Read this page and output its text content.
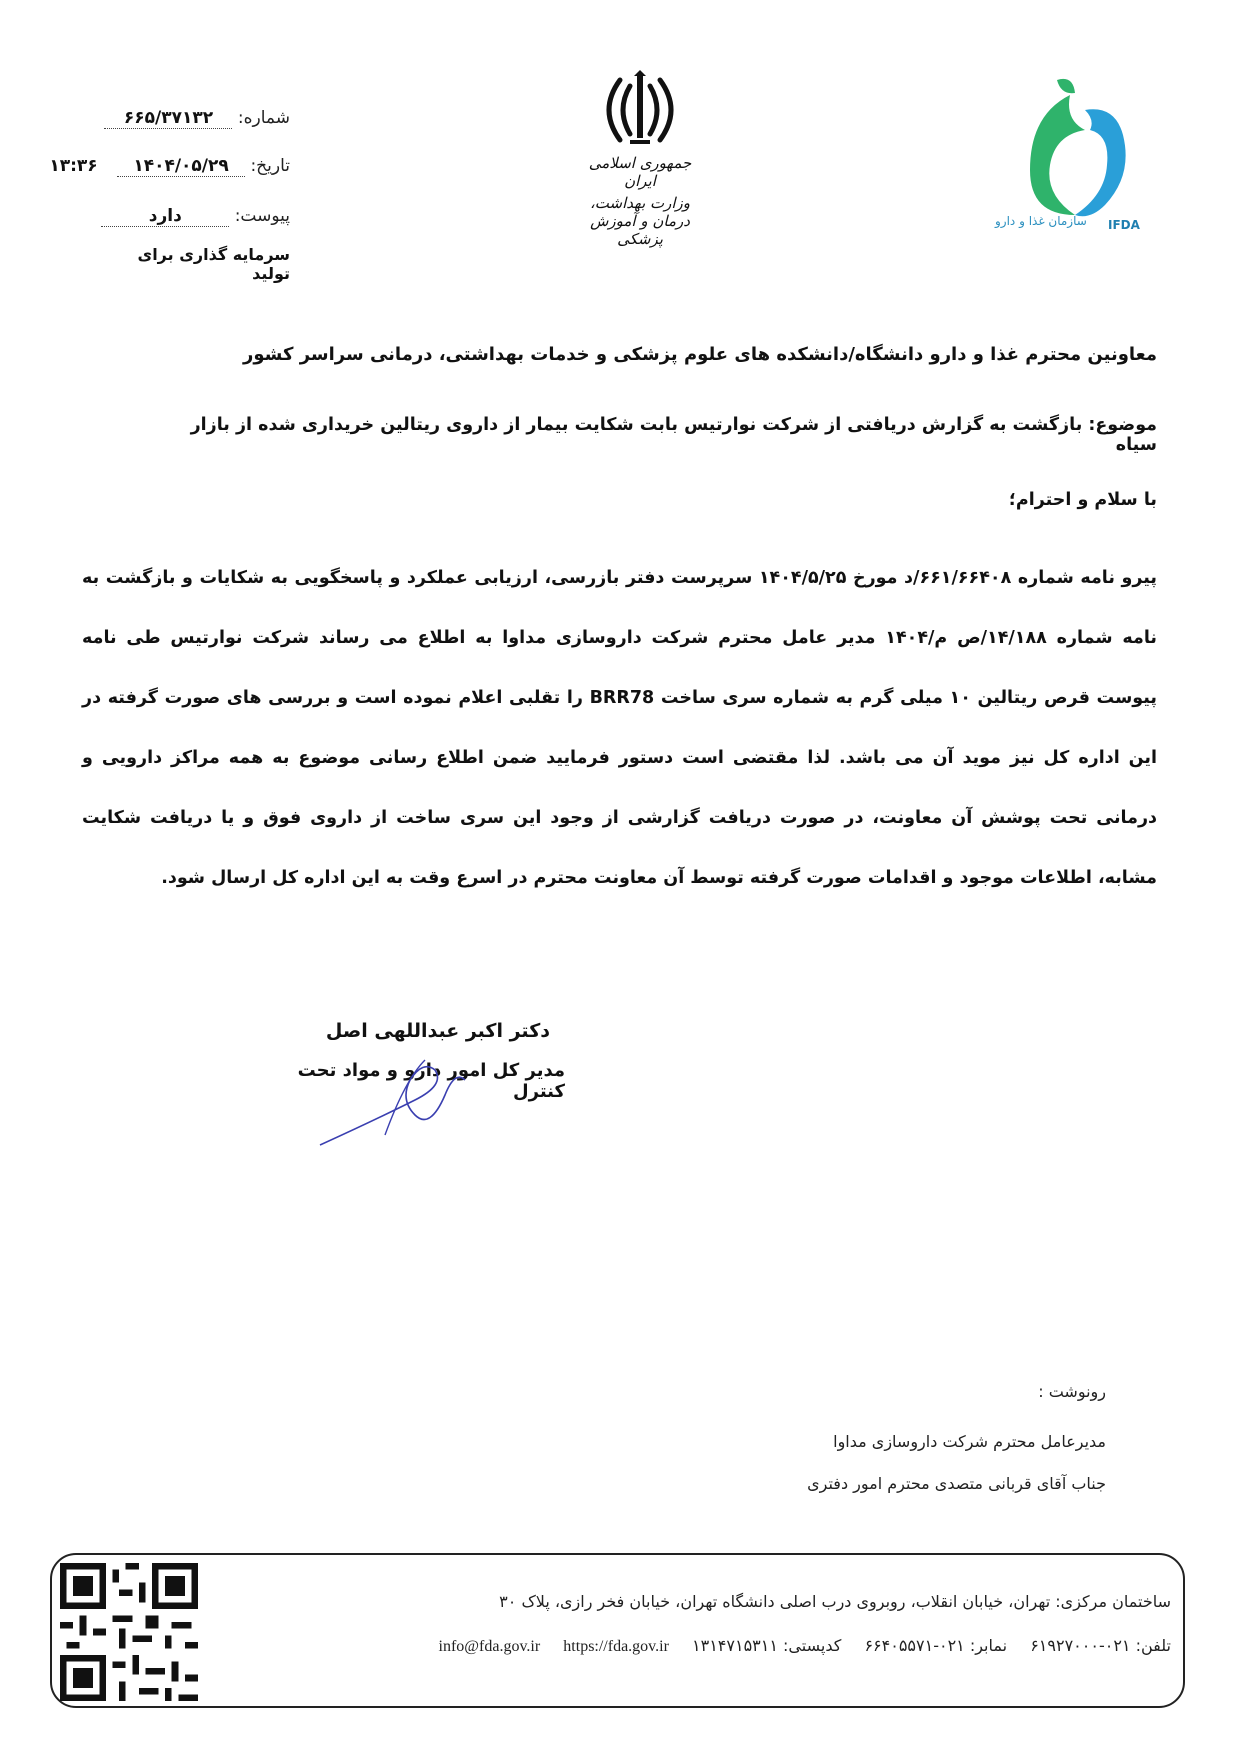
شماره: ۶۶۵/۳۷۱۳۲
تاریخ: ۱۴۰۴/۰۵/۲۹ ۱۳:۳۶
پیوست: دارد
سرمایه گذاری برای تولید
جمهوری اسلامی ایران
وزارت بهداشت، درمان و آموزش پزشکی
سازمان غذا و دارو IFDA
معاونین محترم غذا و دارو دانشگاه/دانشکده های علوم پزشکی و خدمات بهداشتی، درمانی سراسر کشور
موضوع: بازگشت به گزارش دریافتی از شرکت نوارتیس بابت شکایت بیمار از داروی ریتالین خریداری شده از بازار سیاه
با سلام و احترام؛
پیرو نامه شماره ۶۶۱/۶۶۴۰۸/د مورخ ۱۴۰۴/۵/۲۵ سرپرست دفتر بازرسی، ارزیابی عملکرد و پاسخگویی به شکایات و بازگشت به نامه شماره ۱۴/۱۸۸/ص م/۱۴۰۴ مدیر عامل محترم شرکت داروسازی مداوا به اطلاع می رساند شرکت نوارتیس طی نامه پیوست قرص ریتالین ۱۰ میلی گرم به شماره سری ساخت BRR78 را تقلبی اعلام نموده است و بررسی های صورت گرفته در این اداره کل نیز موید آن می باشد. لذا مقتضی است دستور فرمایید ضمن اطلاع رسانی موضوع به همه مراکز دارویی و درمانی تحت پوشش آن معاونت، در صورت دریافت گزارشی از وجود این سری ساخت از داروی فوق و یا دریافت شکایت مشابه، اطلاعات موجود و اقدامات صورت گرفته توسط آن معاونت محترم در اسرع وقت به این اداره کل ارسال شود.
دکتر اکبر عبداللهی اصل
مدیر کل امور دارو و مواد تحت کنترل
رونوشت :
مدیرعامل محترم شرکت داروسازی مداوا
جناب آقای قربانی متصدی محترم امور دفتری
ساختمان مرکزی: تهران، خیابان انقلاب، روبروی درب اصلی دانشگاه تهران، خیابان فخر رازی، پلاک ۳۰
تلفن: ۰۲۱-۶۱۹۲۷۰۰۰ نمابر: ۰۲۱-۶۶۴۰۵۵۷۱ کدپستی: ۱۳۱۴۷۱۵۳۱۱ info@fda.gov.ir https://fda.gov.ir
